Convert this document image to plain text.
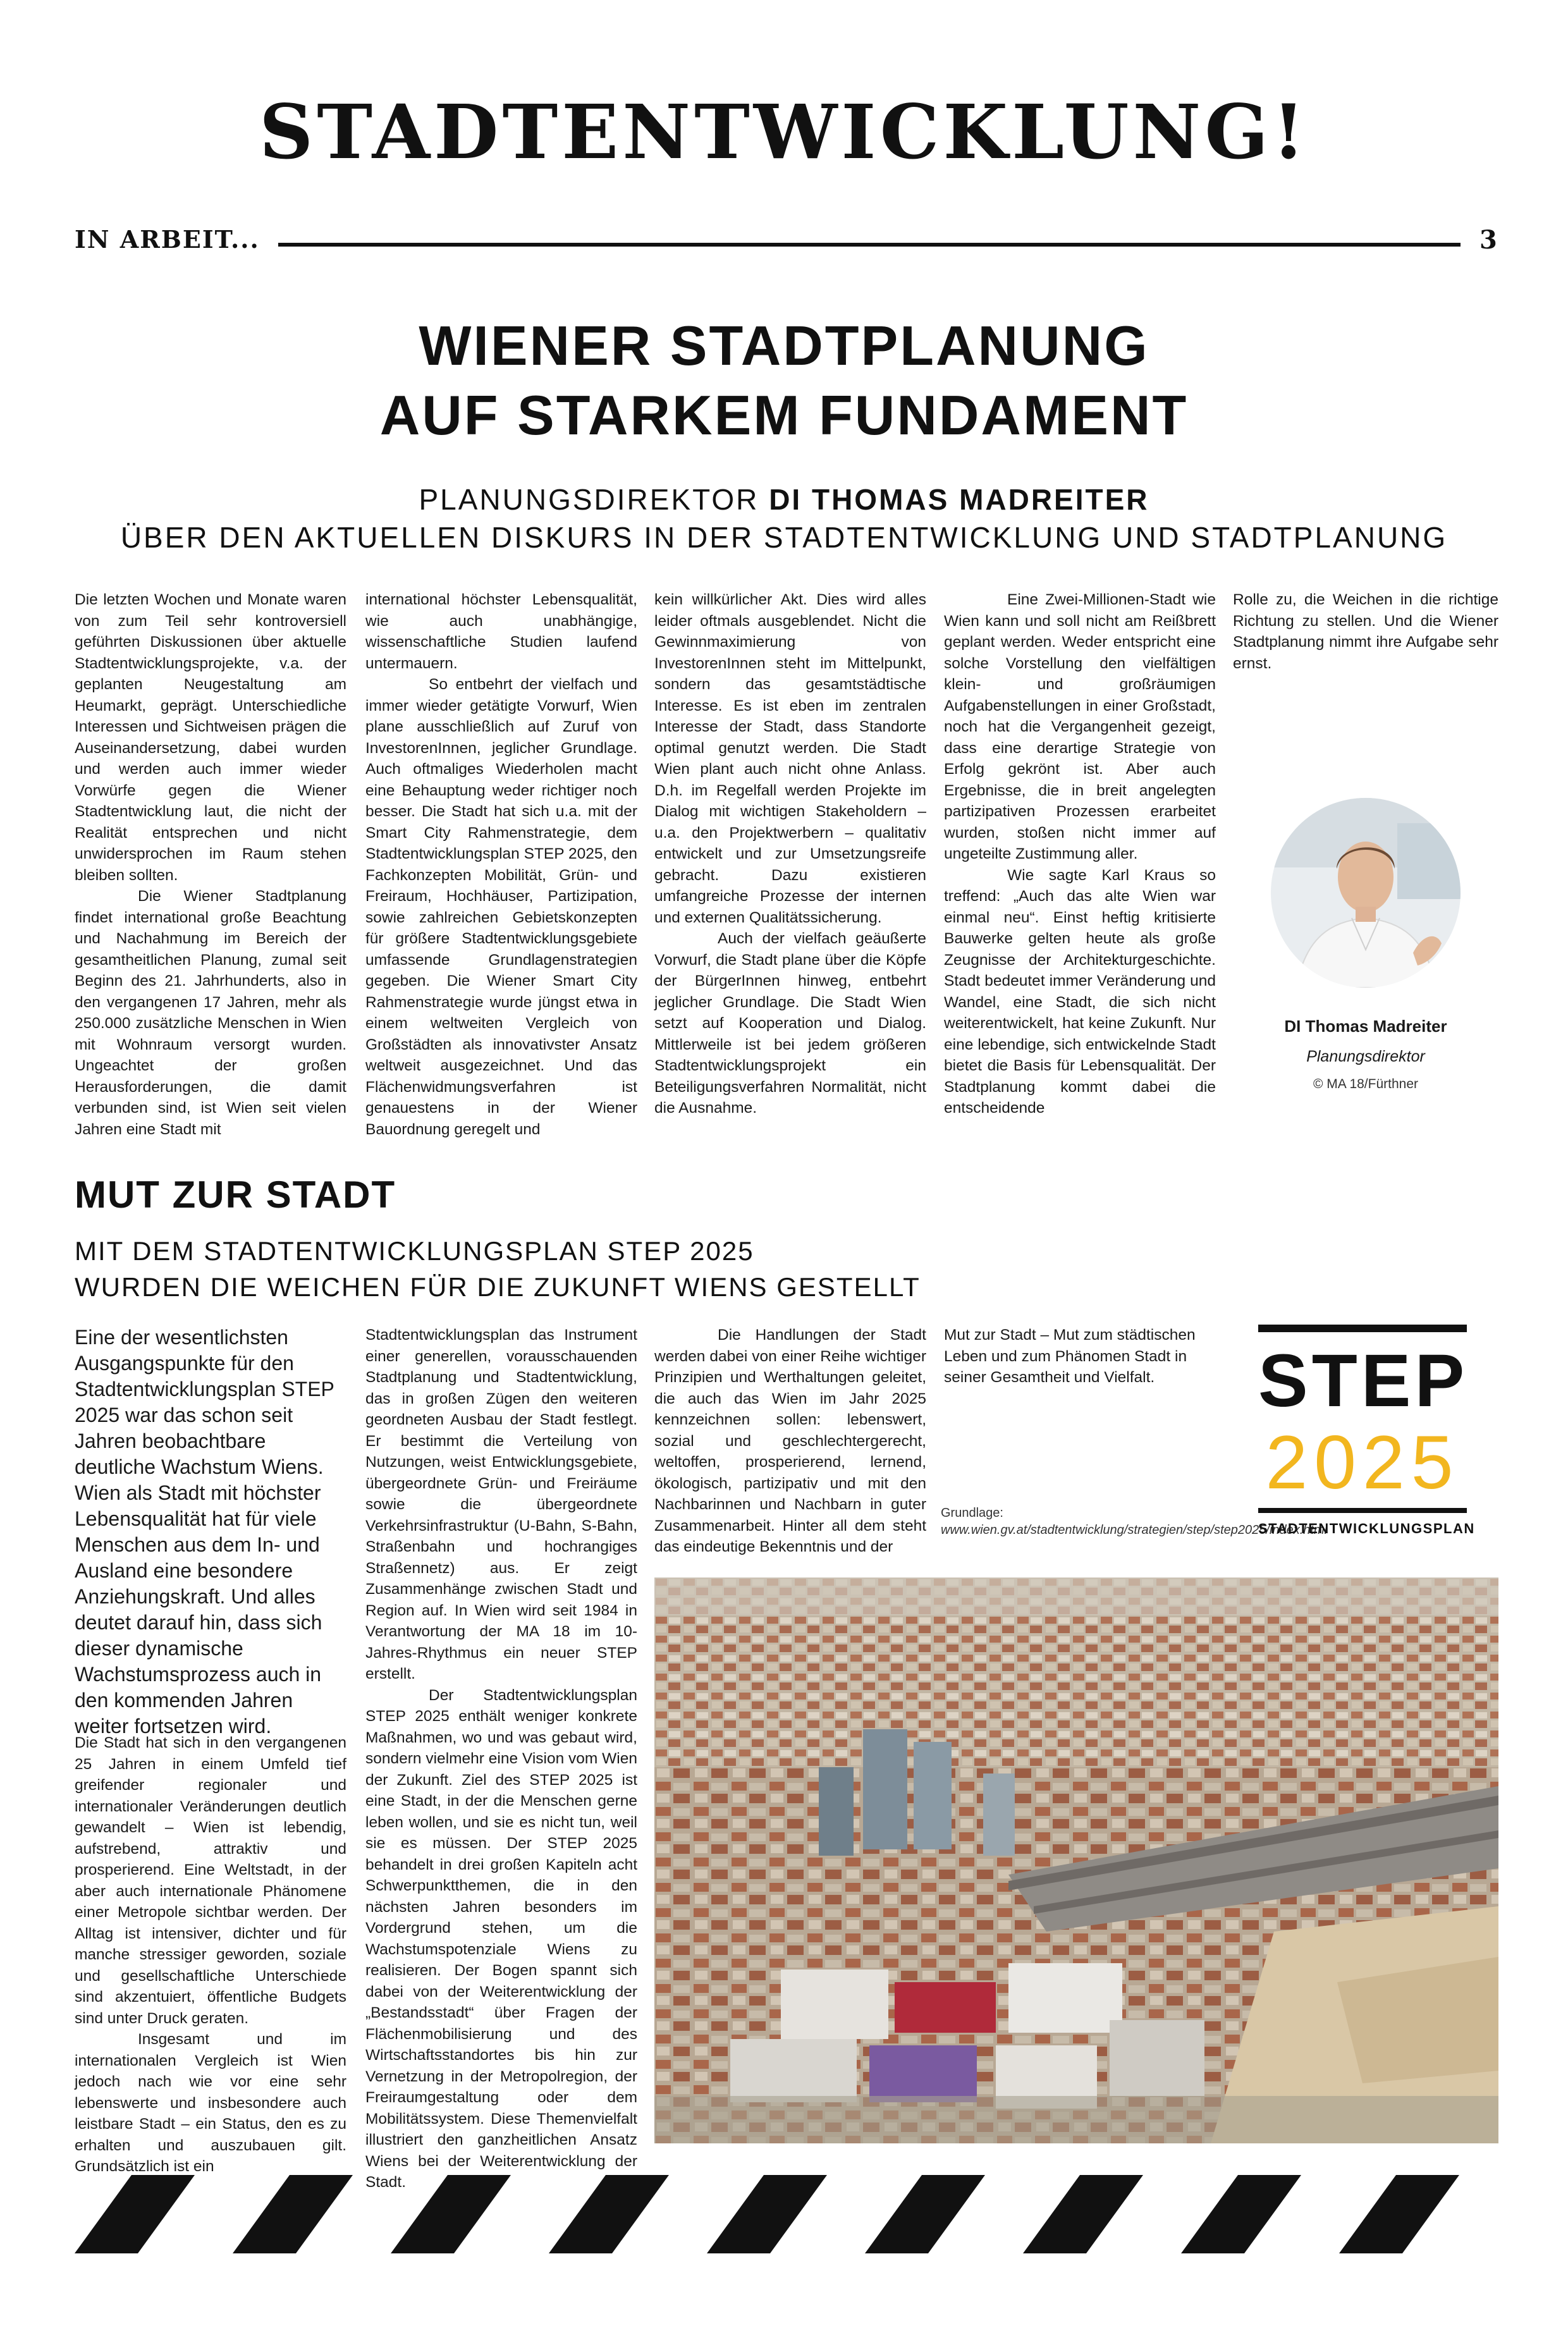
STADTENTWICKLUNG!
IN ARBEIT...	3
WIENER STADTPLANUNG
AUF STARKEM FUNDAMENT
PLANUNGSDIREKTOR DI THOMAS MADREITER
ÜBER DEN AKTUELLEN DISKURS IN DER STADTENTWICKLUNG UND STADTPLANUNG

Die letzten Wochen und Monate waren von zum Teil sehr kontroversiell geführten Diskussionen über aktuelle Stadtentwicklungsprojekte, v.a. der geplanten Neugestaltung am Heumarkt, geprägt. Unterschiedliche Interessen und Sichtweisen prägen die Auseinandersetzung, dabei wurden und werden auch immer wieder Vorwürfe gegen die Wiener Stadtentwicklung laut, die nicht der Realität entsprechen und nicht unwidersprochen im Raum stehen bleiben sollten.

Die Wiener Stadtplanung findet international große Beachtung und Nachahmung im Bereich der gesamtheitlichen Planung, zumal seit Beginn des 21. Jahrhunderts, also in den vergangenen 17 Jahren, mehr als 250.000 zusätzliche Menschen in Wien mit Wohnraum versorgt wurden. Ungeachtet der großen Herausforderungen, die damit verbunden sind, ist Wien seit vielen Jahren eine Stadt mit

international höchster Lebensqualität, wie auch unabhängige, wissenschaftliche Studien laufend untermauern.

So entbehrt der vielfach und immer wieder getätigte Vorwurf, Wien plane ausschließlich auf Zuruf von InvestorenInnen, jeglicher Grundlage. Auch oftmaliges Wiederholen macht eine Behauptung weder richtiger noch besser. Die Stadt hat sich u.a. mit der Smart City Rahmenstrategie, dem Stadtentwicklungsplan STEP 2025, den Fachkonzepten Mobilität, Grün- und Freiraum, Hochhäuser, Partizipation, sowie zahlreichen Gebietskonzepten für größere Stadtentwicklungsgebiete umfassende Grundlagenstrategien gegeben. Die Wiener Smart City Rahmenstrategie wurde jüngst etwa in einem weltweiten Vergleich von Großstädten als innovativster Ansatz weltweit ausgezeichnet. Und das Flächenwidmungsverfahren ist genauestens in der Wiener Bauordnung geregelt und

kein willkürlicher Akt. Dies wird alles leider oftmals ausgeblendet. Nicht die Gewinnmaximierung von InvestorenInnen steht im Mittelpunkt, sondern das gesamtstädtische Interesse. Es ist eben im zentralen Interesse der Stadt, dass Standorte optimal genutzt werden. Die Stadt Wien plant auch nicht ohne Anlass. D.h. im Regelfall werden Projekte im Dialog mit wichtigen Stakeholdern – u.a. den Projektwerbern – qualitativ entwickelt und zur Umsetzungsreife gebracht. Dazu existieren umfangreiche Prozesse der internen und externen Qualitätssicherung.

Auch der vielfach geäußerte Vorwurf, die Stadt plane über die Köpfe der BürgerInnen hinweg, entbehrt jeglicher Grundlage. Die Stadt Wien setzt auf Kooperation und Dialog. Mittlerweile ist bei jedem größeren Stadtentwicklungsprojekt ein Beteiligungsverfahren Normalität, nicht die Ausnahme.

Eine Zwei-Millionen-Stadt wie Wien kann und soll nicht am Reißbrett geplant werden. Weder entspricht eine solche Vorstellung den vielfältigen klein- und großräumigen Aufgabenstellungen in einer Großstadt, noch hat die Vergangenheit gezeigt, dass eine derartige Strategie von Erfolg gekrönt ist. Aber auch Ergebnisse, die in breit angelegten partizipativen Prozessen erarbeitet wurden, stoßen nicht immer auf ungeteilte Zustimmung aller.

Wie sagte Karl Kraus so treffend: „Auch das alte Wien war einmal neu“. Einst heftig kritisierte Bauwerke gelten heute als große Zeugnisse der Architekturgeschichte. Stadt bedeutet immer Veränderung und Wandel, eine Stadt, die sich nicht weiterentwickelt, hat keine Zukunft. Nur eine lebendige, sich entwickelnde Stadt bietet die Basis für Lebensqualität. Der Stadtplanung kommt dabei die entscheidende

Rolle zu, die Weichen in die richtige Richtung zu stellen. Und die Wiener Stadtplanung nimmt ihre Aufgabe sehr ernst.

DI Thomas Madreiter
Planungsdirektor
© MA 18/Fürthner
MUT ZUR STADT
MIT DEM STADTENTWICKLUNGSPLAN STEP 2025
WURDEN DIE WEICHEN FÜR DIE ZUKUNFT WIENS GESTELLT
Eine der wesentlichsten Ausgangspunkte für den Stadtentwicklungsplan STEP 2025 war das schon seit Jahren beobachtbare deutliche Wachstum Wiens. Wien als Stadt mit höchster Lebensqualität hat für viele Menschen aus dem In- und Ausland eine besondere Anziehungskraft. Und alles deutet darauf hin, dass sich dieser dynamische Wachstumsprozess auch in den kommenden Jahren weiter fortsetzen wird.

Die Stadt hat sich in den vergangenen 25 Jahren in einem Umfeld tief greifender regionaler und internationaler Veränderungen deutlich gewandelt – Wien ist lebendig, aufstrebend, attraktiv und prosperierend. Eine Weltstadt, in der aber auch internationale Phänomene einer Metropole sichtbar werden. Der Alltag ist intensiver, dichter und für manche stressiger geworden, soziale und gesellschaftliche Unterschiede sind akzentuiert, öffentliche Budgets sind unter Druck geraten.

Insgesamt und im internationalen Vergleich ist Wien jedoch nach wie vor eine sehr lebenswerte und insbesondere auch leistbare Stadt – ein Status, den es zu erhalten und auszubauen gilt. Grundsätzlich ist ein

Stadtentwicklungsplan das Instrument einer generellen, vorausschauenden Stadtplanung und Stadtentwicklung, das in großen Zügen den weiteren geordneten Ausbau der Stadt festlegt. Er bestimmt die Verteilung von Nutzungen, weist Entwicklungsgebiete, übergeordnete Grün- und Freiräume sowie die übergeordnete Verkehrsinfrastruktur (U-Bahn, S-Bahn, Straßenbahn und hochrangiges Straßennetz) aus. Er zeigt Zusammenhänge zwischen Stadt und Region auf. In Wien wird seit 1984 in Verantwortung der MA 18 im 10-Jahres-Rhythmus ein neuer STEP erstellt.

Der Stadtentwicklungsplan STEP 2025 enthält weniger konkrete Maßnahmen, wo und was gebaut wird, sondern vielmehr eine Vision vom Wien der Zukunft. Ziel des STEP 2025 ist eine Stadt, in der die Menschen gerne leben wollen, und sie es nicht tun, weil sie es müssen. Der STEP 2025 behandelt in drei großen Kapiteln acht Schwerpunktthemen, die in den nächsten Jahren besonders im Vordergrund stehen, um die Wachstumspotenziale Wiens zu realisieren. Der Bogen spannt sich dabei von der Weiterentwicklung der „Bestandsstadt“ über Fragen der Flächenmobilisierung und des Wirtschaftsstandortes bis hin zur Vernetzung in der Metropolregion, der Freiraumgestaltung oder dem Mobilitätssystem. Diese Themenvielfalt illustriert den ganzheitlichen Ansatz Wiens bei der Weiterentwicklung der Stadt.

Die Handlungen der Stadt werden dabei von einer Reihe wichtiger Prinzipien und Werthaltungen geleitet, die auch das Wien im Jahr 2025 kennzeichnen sollen: lebenswert, sozial und geschlechtergerecht, weltoffen, prosperierend, lernend, ökologisch, partizipativ und mit den Nachbarinnen und Nachbarn in guter Zusammenarbeit. Hinter all dem steht das eindeutige Bekenntnis und der

Mut zur Stadt – Mut zum städtischen Leben und zum Phänomen Stadt in seiner Gesamtheit und Vielfalt.

Grundlage:
www.wien.gv.at/stadtentwicklung/strategien/step/step2025/index.html
STEP
2025
STADTENTWICKLUNGSPLAN
